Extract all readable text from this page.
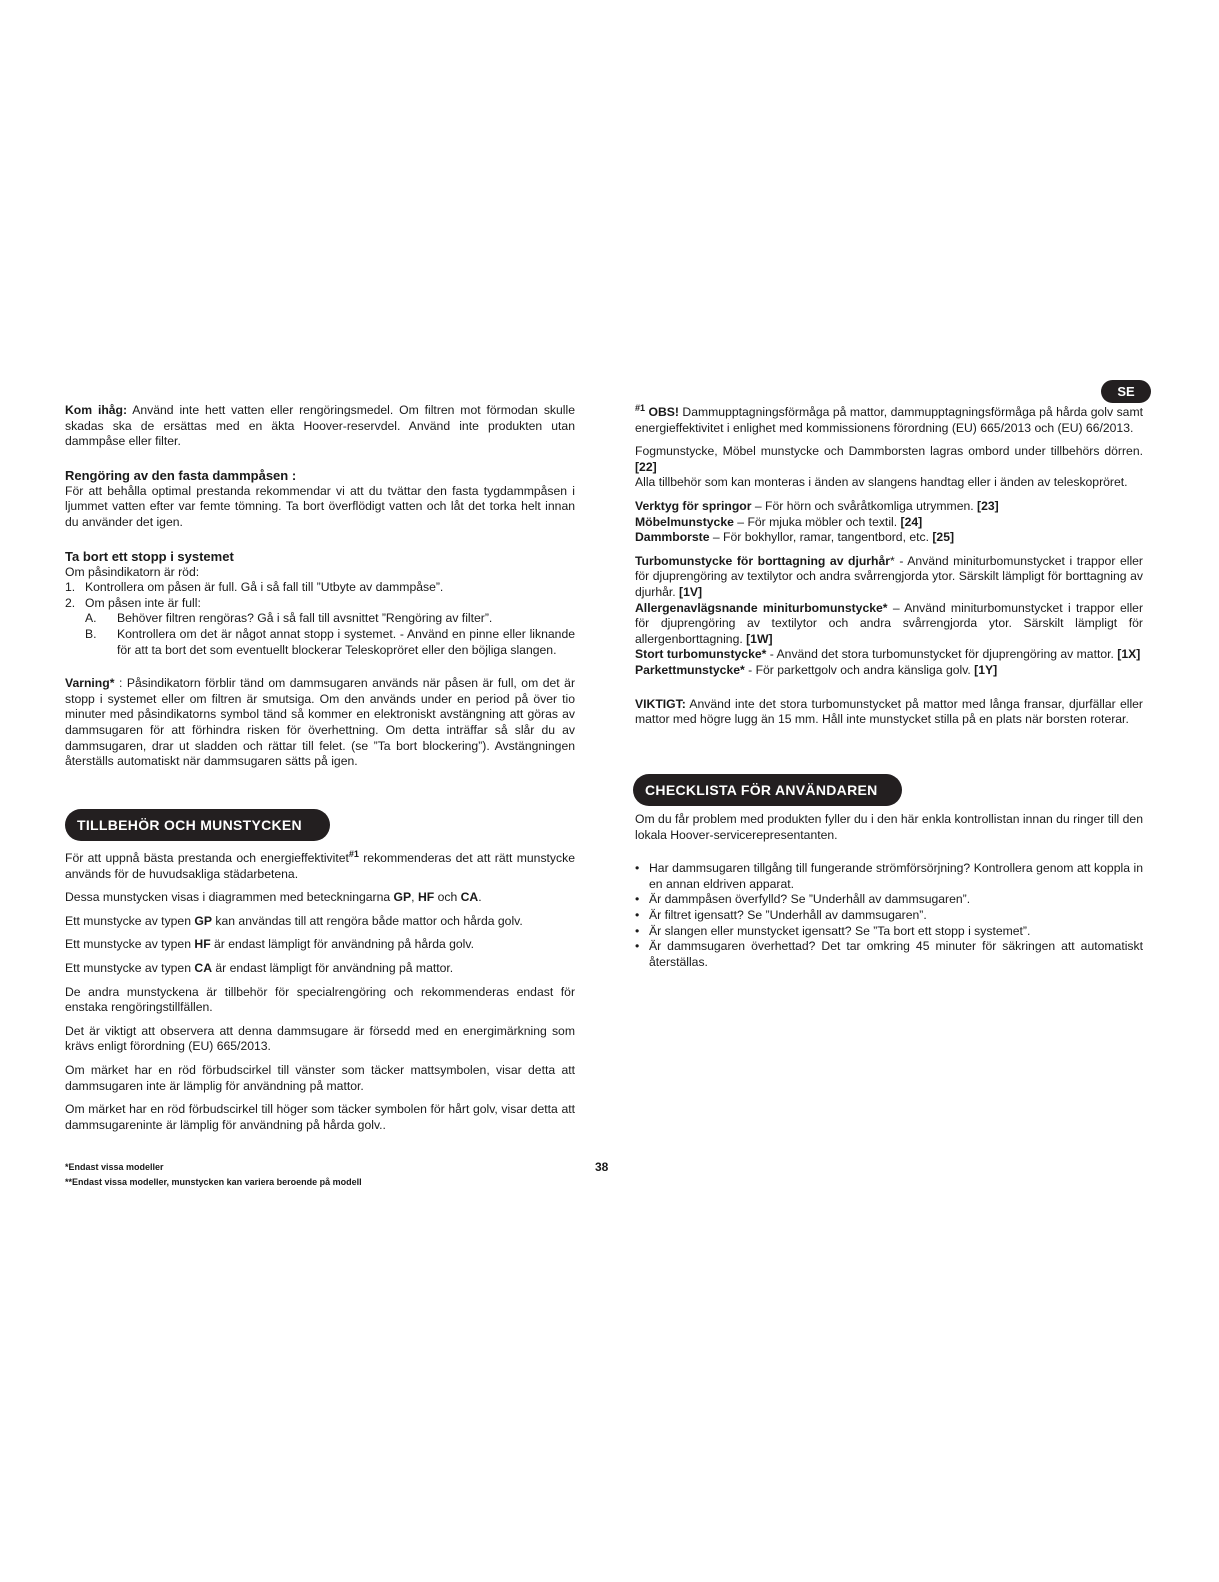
SE

Kom ihåg: Använd inte hett vatten eller rengöringsmedel. Om filtren mot förmodan skulle skadas ska de ersättas med en äkta Hoover-reservdel. Använd inte produkten utan dammpåse eller filter.

Rengöring av den fasta dammpåsen :

För att behålla optimal prestanda rekommendar vi att du tvättar den fasta tygdammpåsen i ljummet vatten efter var femte tömning. Ta bort överflödigt vatten och låt det torka helt innan du använder det igen.

Ta bort ett stopp i systemet

Om påsindikatorn är röd:

1. Kontrollera om påsen är full. Gå i så fall till ”Utbyte av dammpåse”.
2. Om påsen inte är full:
A.	Behöver filtren rengöras? Gå i så fall till avsnittet ”Rengöring av filter”.
B.	Kontrollera om det är något annat stopp i systemet. - Använd en pinne eller liknande för att ta bort det som eventuellt blockerar Teleskopröret eller den böjliga slangen.

Varning* : Påsindikatorn förblir tänd om dammsugaren används när påsen är full, om det är stopp i systemet eller om filtren är smutsiga. Om den används under en period på över tio minuter med påsindikatorns symbol tänd så kommer en elektroniskt avstängning att göras av dammsugaren för att förhindra risken för överhettning. Om detta inträffar så slår du av dammsugaren, drar ut sladden och rättar till felet. (se ”Ta bort blockering”). Avstängningen återställs automatiskt när dammsugaren sätts på igen.

TILLBEHÖR OCH MUNSTYCKEN

För att uppnå bästa prestanda och energieffektivitet$^{\#1}$ rekommenderas det att rätt munstycke används för de huvudsakliga städarbetena.

Dessa munstycken visas i diagrammen med beteckningarna GP, HF och CA.

Ett munstycke av typen GP kan användas till att rengöra både mattor och hårda golv.

Ett munstycke av typen HF är endast lämpligt för användning på hårda golv.

Ett munstycke av typen CA är endast lämpligt för användning på mattor.

De andra munstyckena är tillbehör för specialrengöring och rekommenderas endast för enstaka rengöringstillfällen.

Det är viktigt att observera att denna dammsugare är försedd med en energimärkning som krävs enligt förordning (EU) 665/2013.

Om märket har en röd förbudscirkel till vänster som täcker mattsymbolen, visar detta att dammsugaren inte är lämplig för användning på mattor.

Om märket har en röd förbudscirkel till höger som täcker symbolen för hårt golv, visar detta att dammsugareninte är lämplig för användning på hårda golv..

$^{\#1}$ OBS! Dammupptagningsförmåga på mattor, dammupptagningsförmåga på hårda golv samt energieffektivitet i enlighet med kommissionens förordning (EU) 665/2013 och (EU) 66/2013.

Fogmunstycke, Möbel munstycke och Dammborsten lagras ombord under tillbehörs dörren. [22]

Alla tillbehör som kan monteras i änden av slangens handtag eller i änden av teleskopröret.

Verktyg för springor – För hörn och svåråtkomliga utrymmen. [23]

Möbelmunstycke – För mjuka möbler och textil. [24]

Dammborste – För bokhyllor, ramar, tangentbord, etc. [25]

Turbomunstycke för borttagning av djurhår* - Använd miniturbomunstycket i trappor eller för djuprengöring av textilytor och andra svårrengjorda ytor. Särskilt lämpligt för borttagning av djurhår. [1V]

Allergenavlägsnande miniturbomunstycke* – Använd miniturbomunstycket i trappor eller för djuprengöring av textilytor och andra svårrengjorda ytor. Särskilt lämpligt för allergenborttagning. [1W]

Stort turbomunstycke* - Använd det stora turbomunstycket för djuprengöring av mattor. [1X]

Parkettmunstycke* - För parkettgolv och andra känsliga golv. [1Y]

VIKTIGT: Använd inte det stora turbomunstycket på mattor med långa fransar, djurfällar eller mattor med högre lugg än 15 mm. Håll inte munstycket stilla på en plats när borsten roterar.

CHECKLISTA FÖR ANVÄNDAREN

Om du får problem med produkten fyller du i den här enkla kontrollistan innan du ringer till den lokala Hoover-servicerepresentanten.

• Har dammsugaren tillgång till fungerande strömförsörjning? Kontrollera genom att koppla in en annan eldriven apparat.
• Är dammpåsen överfylld? Se ”Underhåll av dammsugaren”.
• Är filtret igensatt? Se ”Underhåll av dammsugaren”.
• Är slangen eller munstycket igensatt? Se ”Ta bort ett stopp i systemet”.
• Är dammsugaren överhettad? Det tar omkring 45 minuter för säkringen att automatiskt återställas.
*Endast vissa modeller
**Endast vissa modeller, munstycken kan variera beroende på modell
38
